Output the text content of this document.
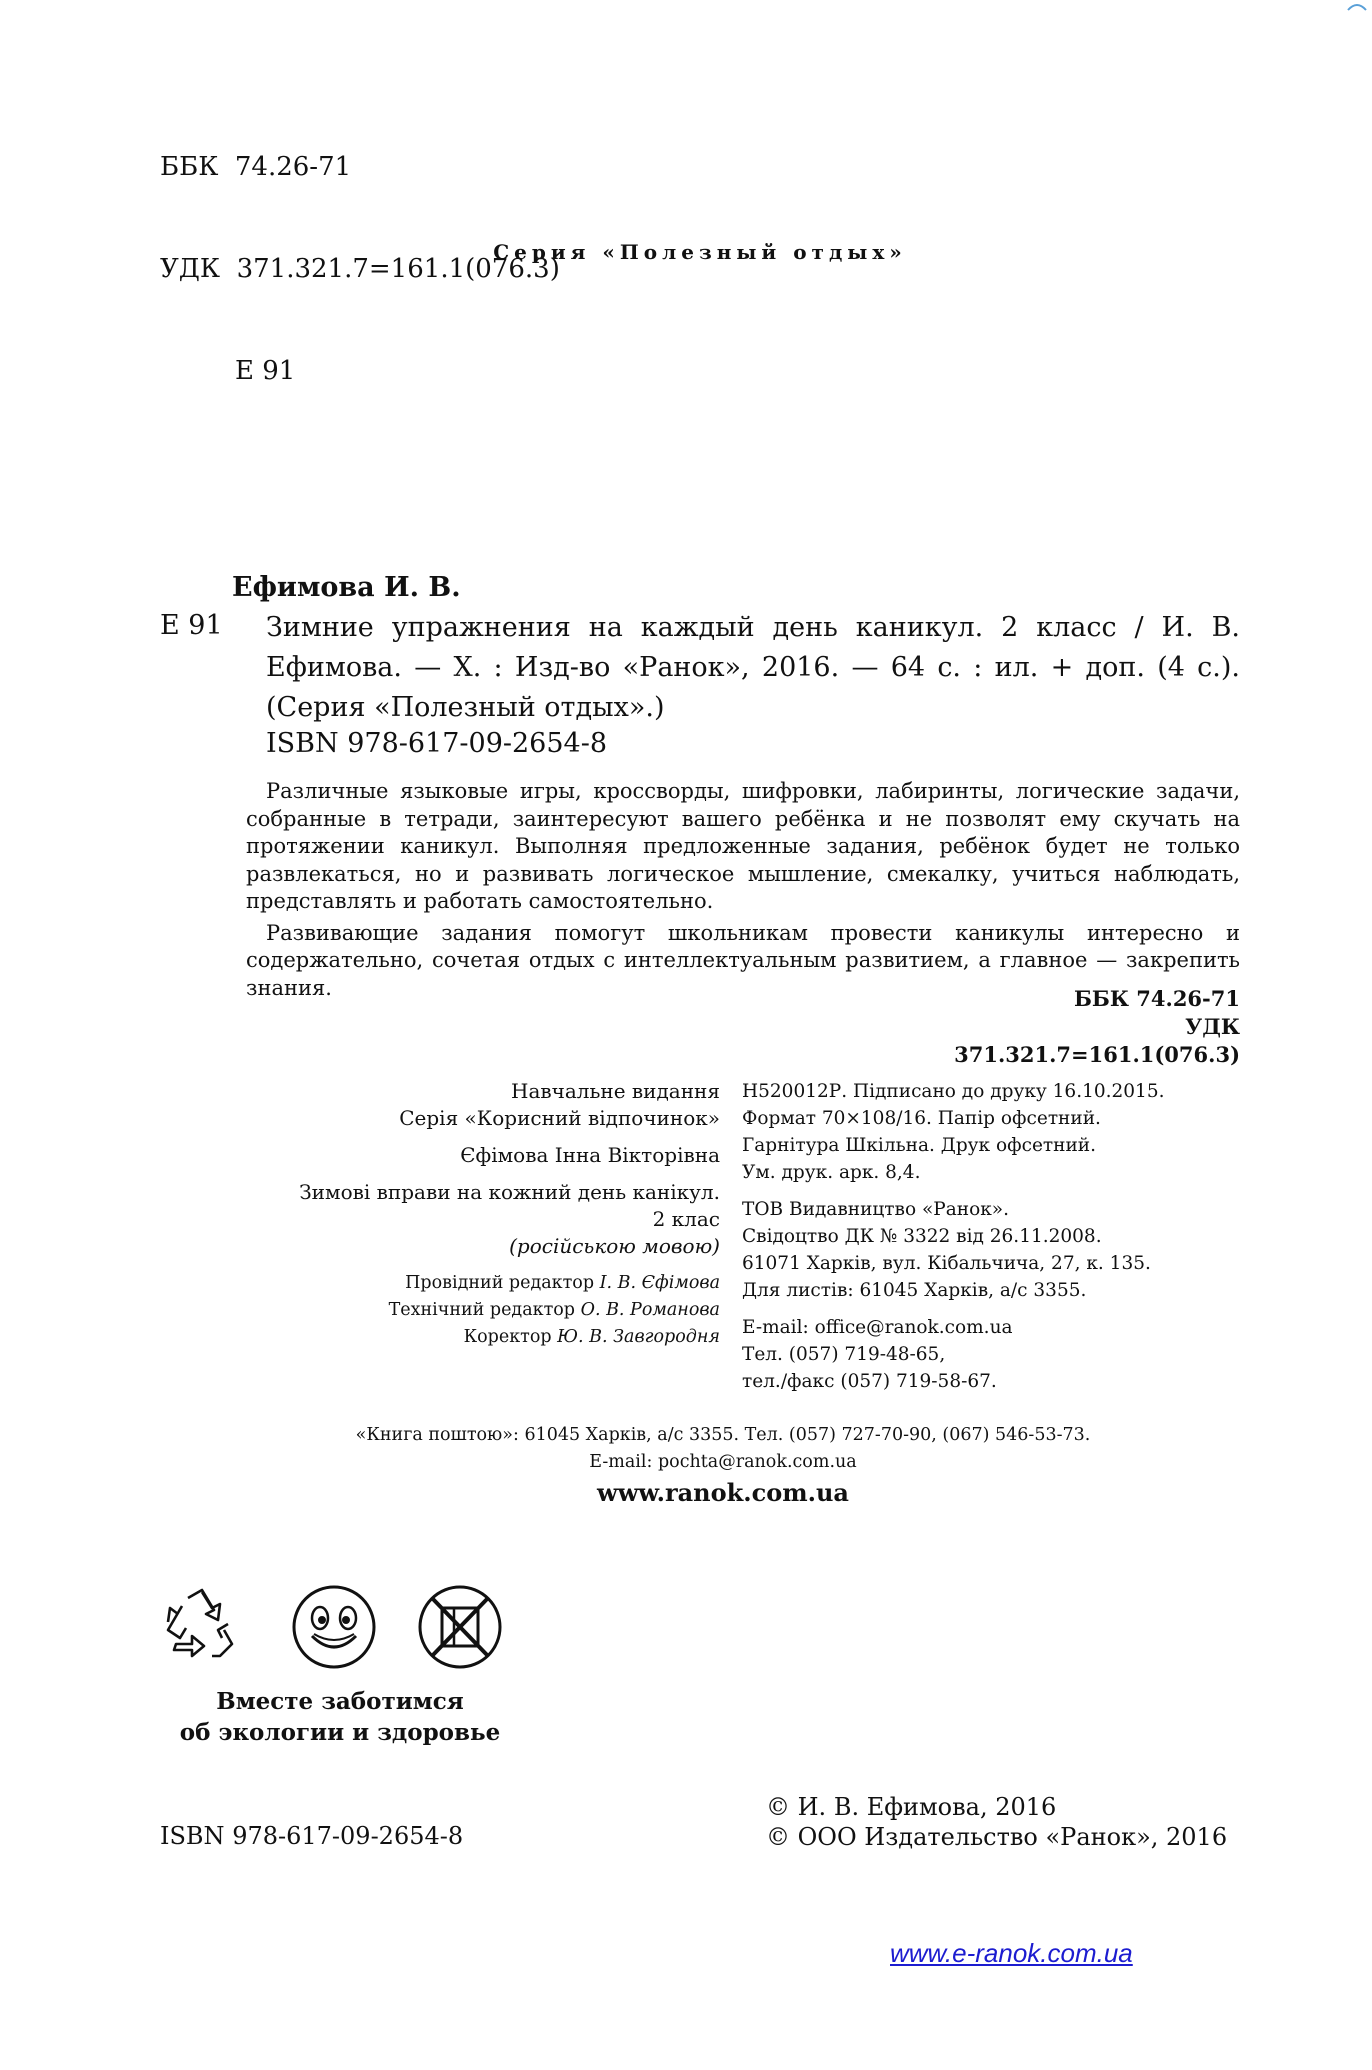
ББК  74.26-71

УДК  371.321.7=161.1(076.3)

Е 91

Серия «Полезный отдых»
Ефимова И. В.
Е 91 Зимние упражнения на каждый день каникул. 2 класс / И. В. Ефимова. — Х. : Изд-во «Ранок», 2016. — 64 с. : ил. + доп. (4 с.). (Серия «Полезный отдых».)
ISBN 978-617-09-2654-8

Различные языковые игры, кроссворды, шифровки, лабиринты, логические задачи, собранные в тетради, заинтересуют вашего ребёнка и не позволят ему скучать на протяжении каникул. Выполняя предложенные задания, ребёнок будет не только развлекаться, но и развивать логическое мышление, смекалку, учиться наблюдать, представлять и работать самостоятельно.

Развивающие задания помогут школьникам провести каникулы интересно и содержательно, сочетая отдых с интеллектуальным развитием, а главное — закрепить знания.	ББК 74.26-71
УДК 371.321.7=161.1(076.3)
Навчальне видання
Серія «Корисний відпочинок»
Єфімова Інна Вікторівна
Зимові вправи на кожний день канікул.
2 клас
(російською мовою)
Провідний редактор І. В. Єфімова
Технічний редактор О. В. Романова
Коректор Ю. В. Завгородня
Н520012Р. Підписано до друку 16.10.2015.
Формат 70×108/16. Папір офсетний.
Гарнітура Шкільна. Друк офсетний.
Ум. друк. арк. 8,4.
ТОВ Видавництво «Ранок».
Свідоцтво ДК № 3322 від 26.11.2008.
61071 Харків, вул. Кібальчича, 27, к. 135.
Для листів: 61045 Харків, а/с 3355.
E-mail: office@ranok.com.ua
Тел. (057) 719-48-65,
тел./факс (057) 719-58-67.
«Книга поштою»: 61045 Харків, а/с 3355. Тел. (057) 727-70-90, (067) 546-53-73.
E-mail: pochta@ranok.com.ua
www.ranok.com.ua
Вместе заботимся
об экологии и здоровье
© И. В. Ефимова, 2016
© ООО Издательство «Ранок», 2016
ISBN 978-617-09-2654-8
www.e-ranok.com.ua
